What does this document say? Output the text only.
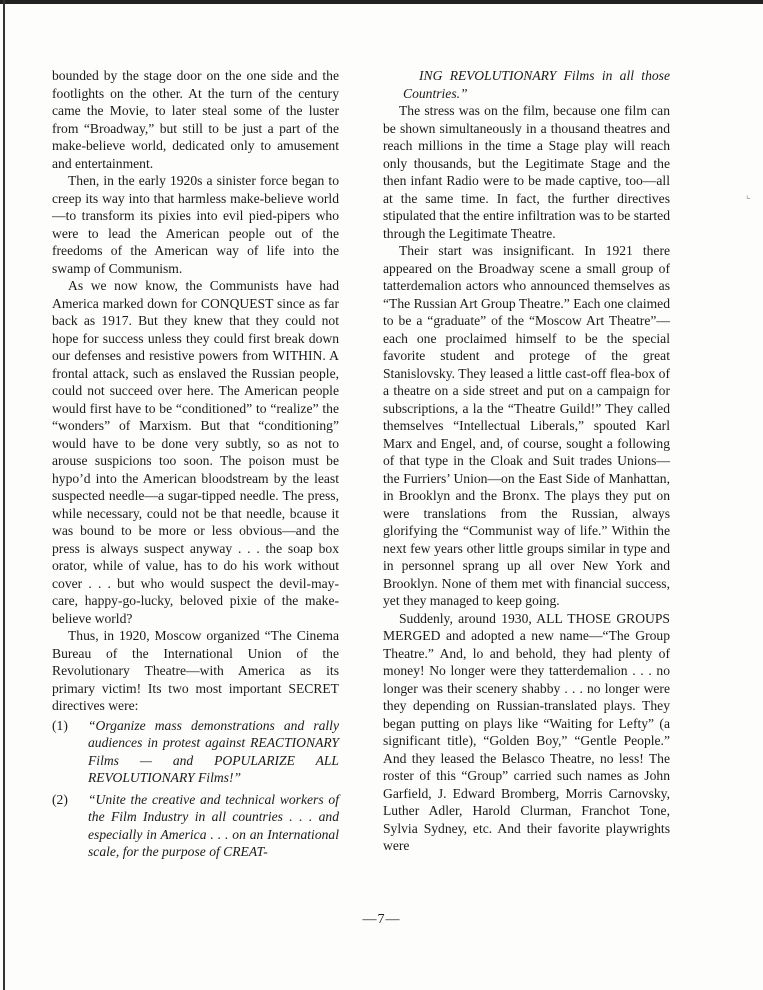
⌞

bounded by the stage door on the one side and the footlights on the other. At the turn of the century came the Movie, to later steal some of the luster from “Broadway,” but still to be just a part of the make-believe world, dedicated only to amusement and entertainment.

Then, in the early 1920s a sinister force began to creep its way into that harmless make-believe world—to transform its pixies into evil pied-pipers who were to lead the American people out of the freedoms of the American way of life into the swamp of Communism.

As we now know, the Communists have had America marked down for CONQUEST since as far back as 1917. But they knew that they could not hope for success unless they could first break down our defenses and resistive powers from WITHIN. A frontal attack, such as enslaved the Russian people, could not succeed over here. The American people would first have to be “conditioned” to “realize” the “wonders” of Marxism. But that “conditioning” would have to be done very subtly, so as not to arouse suspicions too soon. The poison must be hypo’d into the American bloodstream by the least suspected needle—a sugar-tipped needle. The press, while necessary, could not be that needle, bcause it was bound to be more or less obvious—and the press is always suspect anyway . . . the soap box orator, while of value, has to do his work without cover . . . but who would suspect the devil-may-care, happy-go-lucky, beloved pixie of the make-believe world?

Thus, in 1920, Moscow organized “The Cinema Bureau of the International Union of the Revolutionary Theatre—with America as its primary victim! Its two most important SECRET directives were:

(1) “Organize mass demonstrations and rally audiences in protest against REACTIONARY Films — and POPULARIZE ALL REVOLUTIONARY Films!”
(2) “Unite the creative and technical workers of the Film Industry in all countries . . . and especially in America . . . on an International scale, for the purpose of CREAT-

ING REVOLUTIONARY Films in all those Countries.”

The stress was on the film, because one film can be shown simultaneously in a thousand theatres and reach millions in the time a Stage play will reach only thousands, but the Legitimate Stage and the then infant Radio were to be made captive, too—all at the same time. In fact, the further directives stipulated that the entire infiltration was to be started through the Legitimate Theatre.

Their start was insignificant. In 1921 there appeared on the Broadway scene a small group of tatterdemalion actors who announced themselves as “The Russian Art Group Theatre.” Each one claimed to be a “graduate” of the “Moscow Art Theatre”—each one proclaimed himself to be the special favorite student and protege of the great Stanislovsky. They leased a little cast-off flea-box of a theatre on a side street and put on a campaign for subscriptions, a la the “Theatre Guild!” They called themselves “Intellectual Liberals,” spouted Karl Marx and Engel, and, of course, sought a following of that type in the Cloak and Suit trades Unions—the Furriers’ Union—on the East Side of Manhattan, in Brooklyn and the Bronx. The plays they put on were translations from the Russian, always glorifying the “Communist way of life.” Within the next few years other little groups similar in type and in personnel sprang up all over New York and Brooklyn. None of them met with financial success, yet they managed to keep going.

Suddenly, around 1930, ALL THOSE GROUPS MERGED and adopted a new name—“The Group Theatre.” And, lo and behold, they had plenty of money! No longer were they tatterdemalion . . . no longer was their scenery shabby . . . no longer were they depending on Russian-translated plays. They began putting on plays like “Waiting for Lefty” (a significant title), “Golden Boy,” “Gentle People.” And they leased the Belasco Theatre, no less! The roster of this “Group” carried such names as John Garfield, J. Edward Bromberg, Morris Carnovsky, Luther Adler, Harold Clurman, Franchot Tone, Sylvia Sydney, etc. And their favorite playwrights were

—7—
